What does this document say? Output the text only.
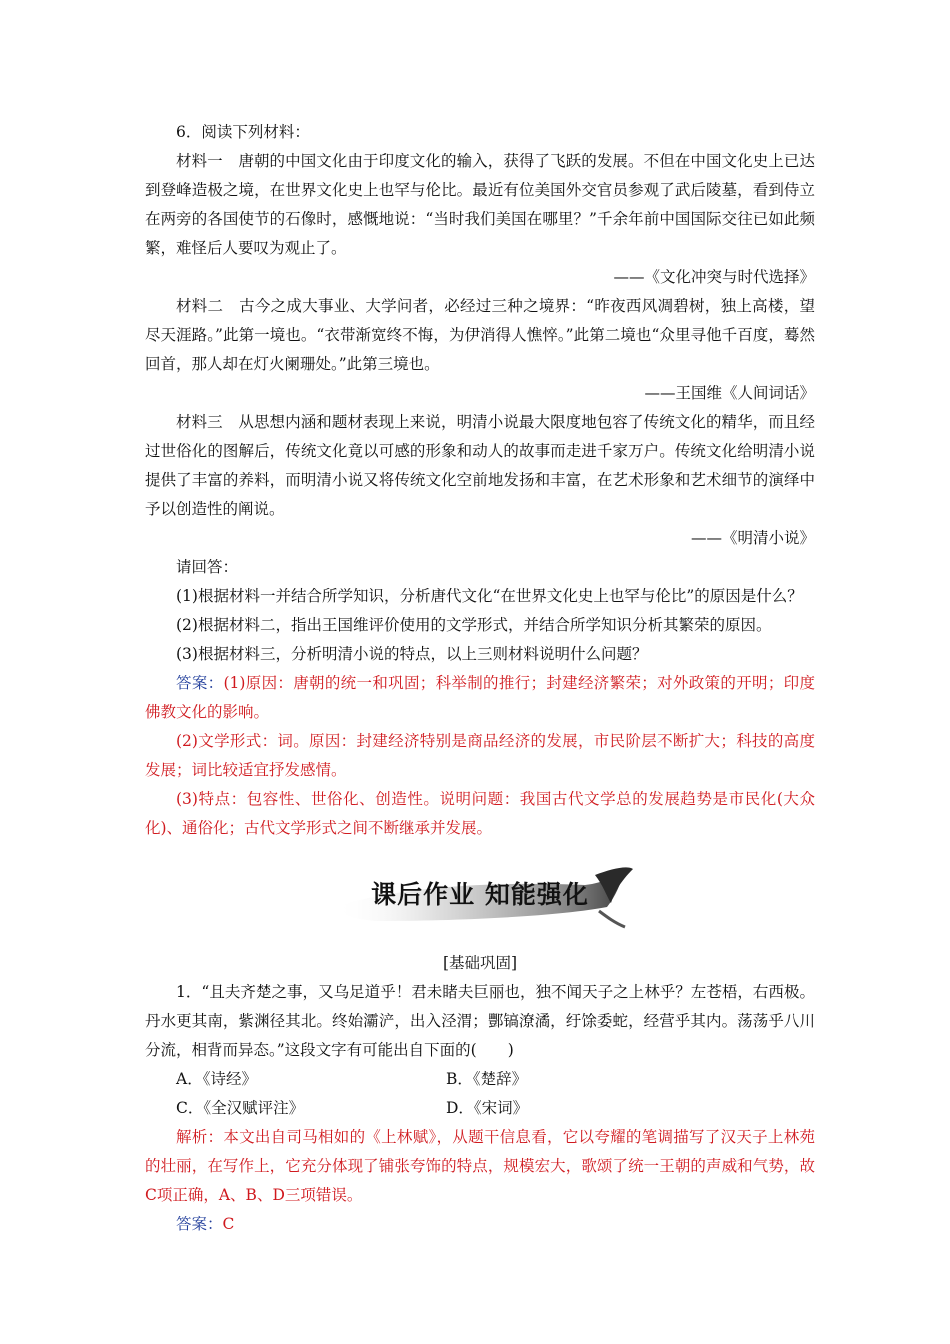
6．阅读下列材料：

材料一　 唐朝的中国文化由于印度文化的输入，获得了飞跃的发展。不但在中国文化史上已达到登峰造极之境，在世界文化史上也罕与伦比。最近有位美国外交官员参观了武后陵墓，看到侍立在两旁的各国使节的石像时，感慨地说：“当时我们美国在哪里？”千余年前中国国际交往已如此频繁，难怪后人要叹为观止了。

——《文化冲突与时代选择》

材料二　 古今之成大事业、大学问者，必经过三种之境界：“昨夜西风凋碧树，独上高楼，望尽天涯路。”此第一境也。“衣带渐宽终不悔，为伊消得人憔悴。”此第二境也“众里寻他千百度，蓦然回首，那人却在灯火阑珊处。”此第三境也。

——王国维《人间词话》

材料三　 从思想内涵和题材表现上来说，明清小说最大限度地包容了传统文化的精华，而且经过世俗化的图解后，传统文化竟以可感的形象和动人的故事而走进千家万户。传统文化给明清小说提供了丰富的养料，而明清小说又将传统文化空前地发扬和丰富，在艺术形象和艺术细节的演绎中予以创造性的阐说。

——《明清小说》

请回答：

(1)根据材料一并结合所学知识，分析唐代文化“在世界文化史上也罕与伦比”的原因是什么？

(2)根据材料二，指出王国维评价使用的文学形式，并结合所学知识分析其繁荣的原因。

(3)根据材料三，分析明清小说的特点，以上三则材料说明什么问题？

答案：(1)原因：唐朝的统一和巩固；科举制的推行；封建经济繁荣；对外政策的开明；印度佛教文化的影响。

(2)文学形式：词。原因：封建经济特别是商品经济的发展，市民阶层不断扩大；科技的高度发展；词比较适宜抒发感情。

(3)特点：包容性、世俗化、创造性。说明问题：我国古代文学总的发展趋势是市民化(大众化)、通俗化；古代文学形式之间不断继承并发展。

课后作业 知能强化

[基础巩固]

1．“且夫齐楚之事，又乌足道乎！君未睹夫巨丽也，独不闻天子之上林乎？左苍梧，右西极。丹水更其南，紫渊径其北。终始灞浐，出入泾渭；酆镐潦潏，纡馀委蛇，经营乎其内。荡荡乎八川分流，相背而异态。”这段文字有可能出自下面的(　　)

A．《诗经》	B．《楚辞》

C．《全汉赋评注》	D．《宋词》

解析：本文出自司马相如的《上林赋》，从题干信息看，它以夸耀的笔调描写了汉天子上林苑的壮丽，在写作上，它充分体现了铺张夸饰的特点，规模宏大，歌颂了统一王朝的声威和气势，故C项正确，A、B、D三项错误。

答案：C
